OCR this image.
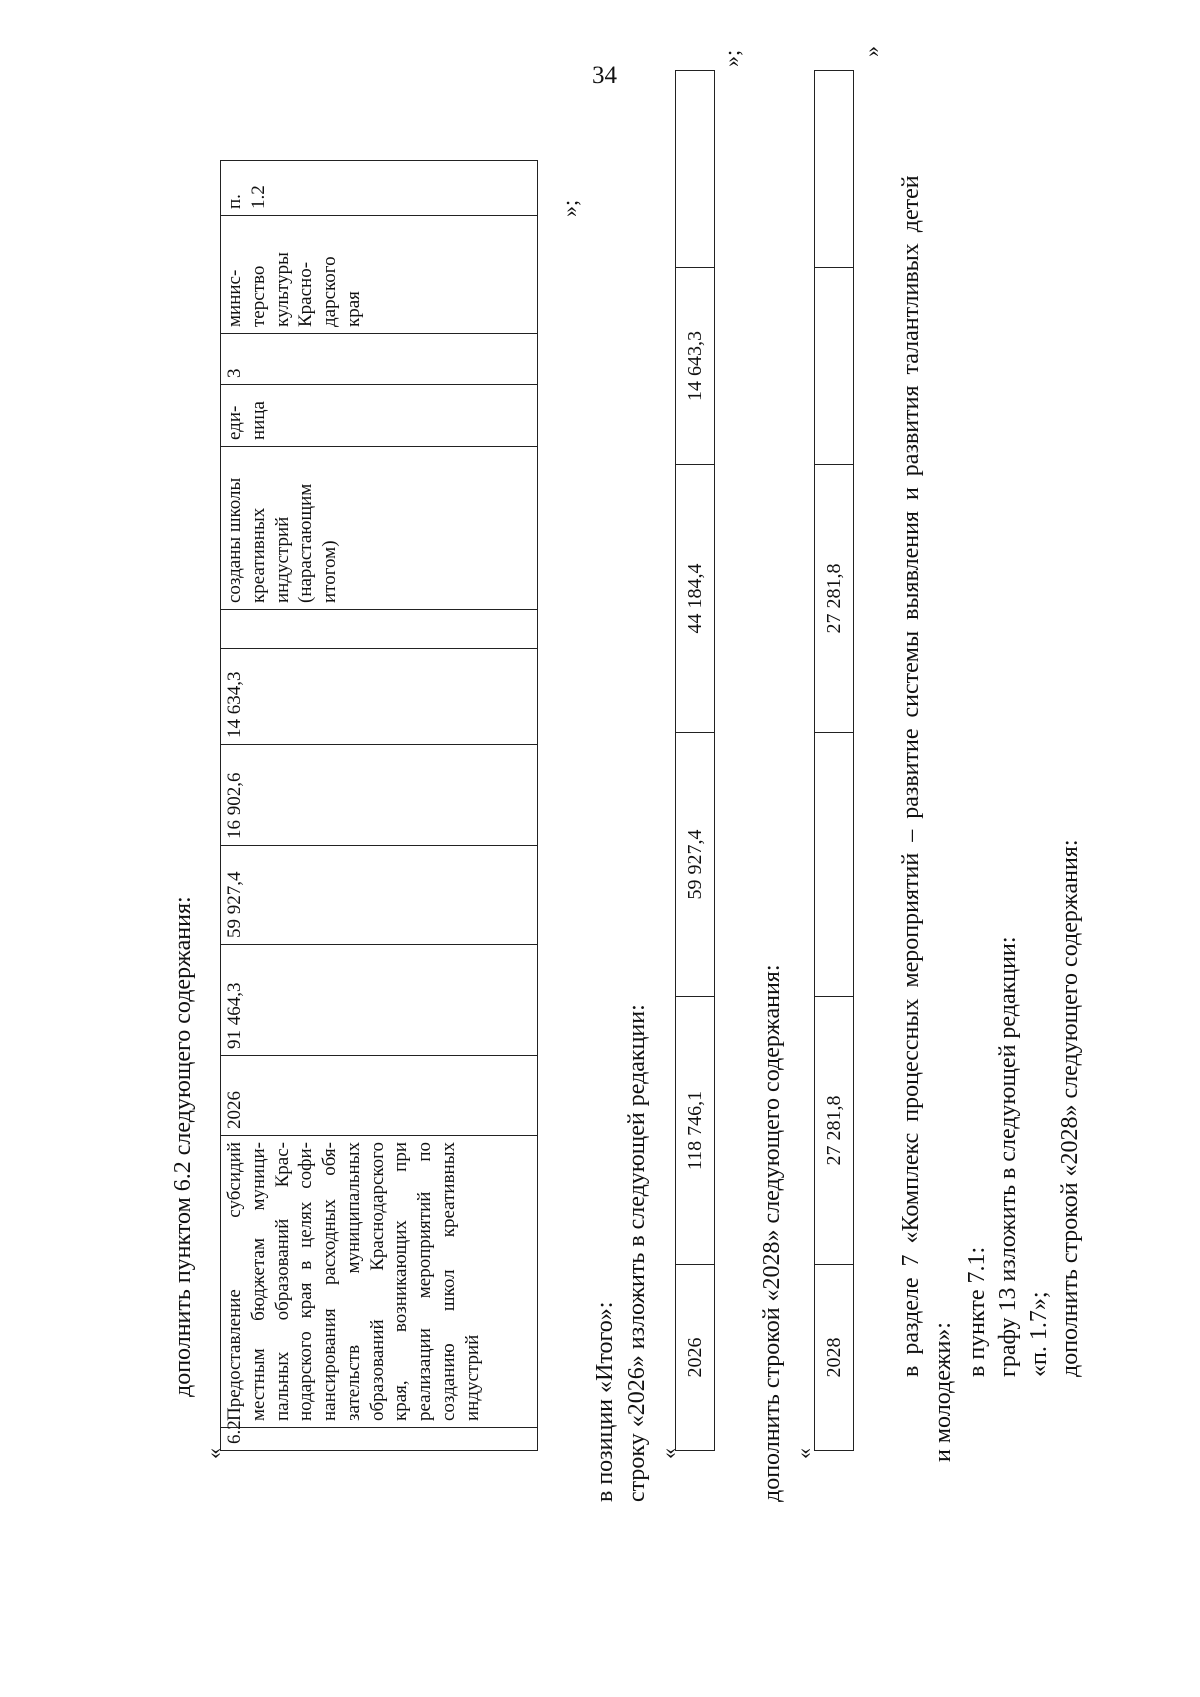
34
дополнить пунктом 6.2 следующего содержания:
«
6.2	Предоставление субсидий местным бюджетам муници-пальных образований Крас-нодарского края в целях софи-нансирования расходных обя-зательств муниципальных образований Краснодарского края, возникающих при реализации мероприятий по созданию школ креативных индустрий	2026	91 464,3	59 927,4	16 902,6	14 634,3		созданы школы креативных индустрий (нарастающим итогом)	еди-ница	3	минис-терство культуры Красно-дарского края	п. 1.2	»;
в позиции «Итого»: строку «2026» изложить в следующей редакции: «
2026	118 746,1	59 927,4	44 184,4	14 643,3	
»;
дополнить строкой «2028» следующего содержания: «
2028	27 281,8		27 281,8		
»
в разделе 7 «Комплекс процессных мероприятий – развитие системы выявления и развития талантливых детей
и молодежи»:
в пункте 7.1: графу 13 изложить в следующей редакции: «п. 1.7»; дополнить строкой «2028» следующего содержания:
